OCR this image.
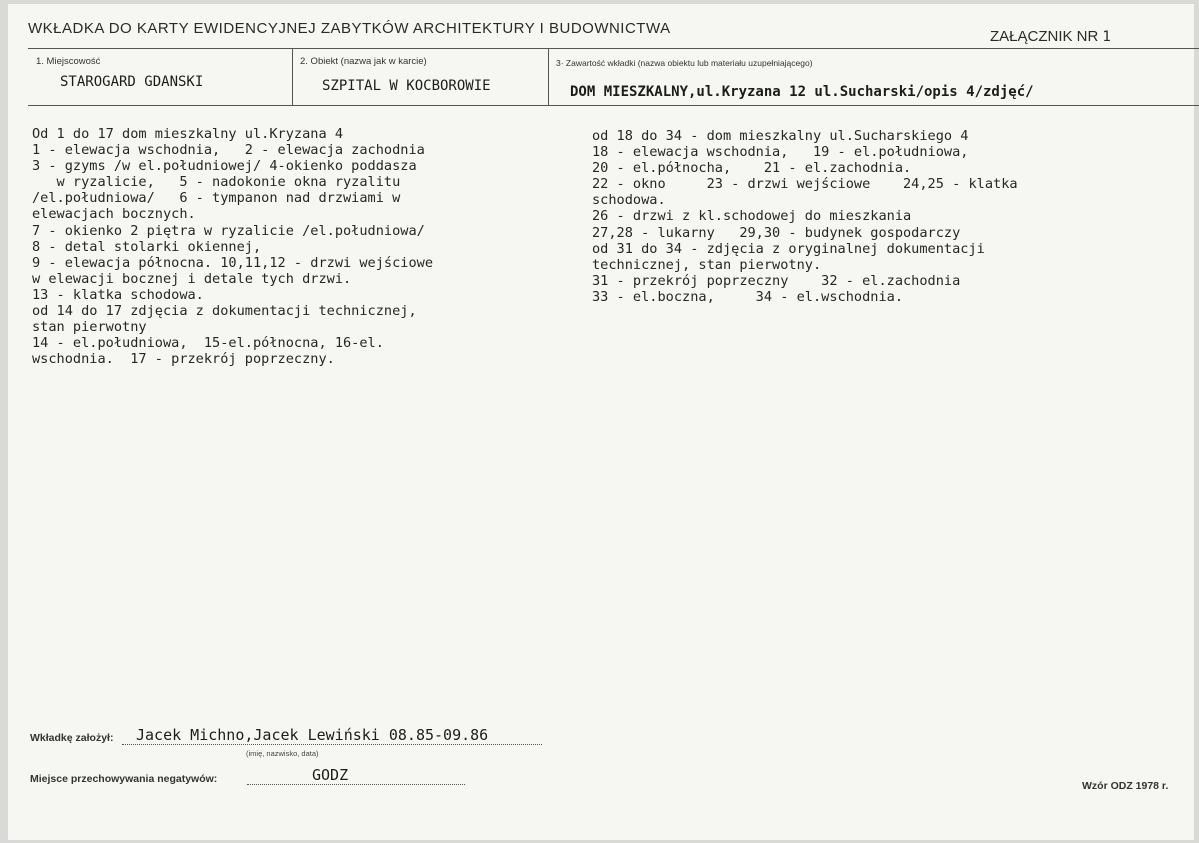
WKŁADKA DO KARTY EWIDENCYJNEJ ZABYTKÓW ARCHITEKTURY I BUDOWNICTWA	ZAŁĄCZNIK NR 1
1. Miejscowość
STAROGARD GDANSKI
2. Obiekt (nazwa jak w karcie)
SZPITAL W KOCBOROWIE
3· Zawartość wkładki (nazwa obiektu lub materiału uzupełniającego)
DOM MIESZKALNY,ul.Kryzana 12 ul.Sucharski/opis 4/zdjęć/
Od 1 do 17 dom mieszkalny ul.Kryzana 4
1 - elewacja wschodnia,   2 - elewacja zachodnia
3 - gzyms /w el.południowej/ 4-okienko poddasza
w ryzalicie,   5 - nadokonie okna ryzalitu
/el.południowa/   6 - tympanon nad drzwiami w
elewacjach bocznych.
7 - okienko 2 piętra w ryzalicie /el.południowa/
8 - detal stolarki okiennej,
9 - elewacja północna. 10,11,12 - drzwi wejściowe
w elewacji bocznej i detale tych drzwi.
13 - klatka schodowa.
od 14 do 17 zdjęcia z dokumentacji technicznej,
stan pierwotny
14 - el.południowa,  15-el.północna, 16-el.
wschodnia.  17 - przekrój poprzeczny.
od 18 do 34 - dom mieszkalny ul.Sucharskiego 4
18 - elewacja wschodnia,   19 - el.południowa,
20 - el.północha,    21 - el.zachodnia.
22 - okno     23 - drzwi wejściowe    24,25 - klatka
schodowa.
26 - drzwi z kl.schodowej do mieszkania
27,28 - lukarny   29,30 - budynek gospodarczy
od 31 do 34 - zdjęcia z oryginalnej dokumentacji
technicznej, stan pierwotny.
31 - przekrój poprzeczny    32 - el.zachodnia
33 - el.boczna,     34 - el.wschodnia.
Wkładkę założył: Jacek Michno,Jacek Lewiński 08.85-09.86
(imię, nazwisko, data)
Miejsce przechowywania negatywów:	GODZ
Wzór ODZ 1978 r.
